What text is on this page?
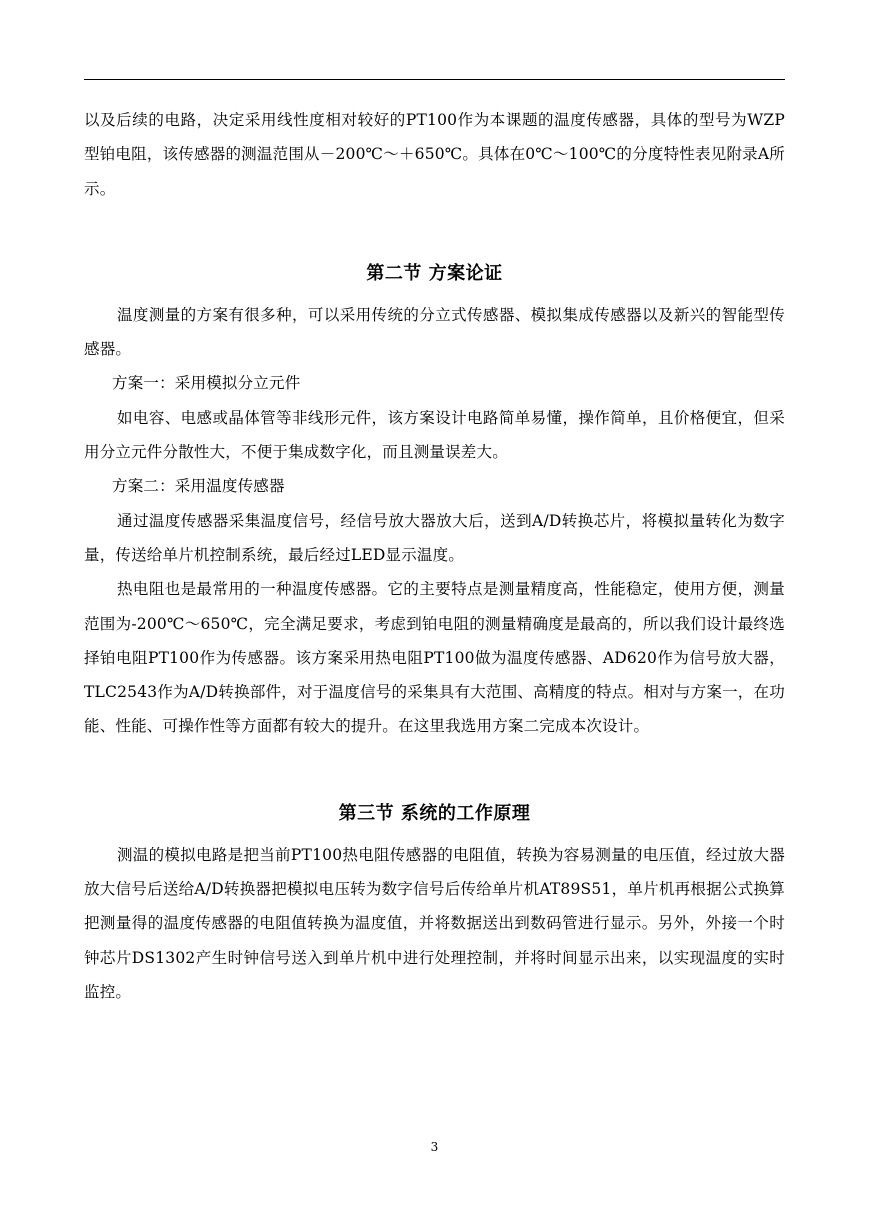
以及后续的电路，决定采用线性度相对较好的PT100作为本课题的温度传感器，具体的型号为WZP型铂电阻，该传感器的测温范围从－200℃～＋650℃。具体在0℃～100℃的分度特性表见附录A所示。

第二节 方案论证

温度测量的方案有很多种，可以采用传统的分立式传感器、模拟集成传感器以及新兴的智能型传感器。

方案一：采用模拟分立元件

如电容、电感或晶体管等非线形元件，该方案设计电路简单易懂，操作简单，且价格便宜，但采用分立元件分散性大，不便于集成数字化，而且测量误差大。

方案二：采用温度传感器

通过温度传感器采集温度信号，经信号放大器放大后，送到A/D转换芯片，将模拟量转化为数字量，传送给单片机控制系统，最后经过LED显示温度。

热电阻也是最常用的一种温度传感器。它的主要特点是测量精度高，性能稳定，使用方便，测量范围为-200℃～650℃，完全满足要求，考虑到铂电阻的测量精确度是最高的，所以我们设计最终选择铂电阻PT100作为传感器。该方案采用热电阻PT100做为温度传感器、AD620作为信号放大器，TLC2543作为A/D转换部件，对于温度信号的采集具有大范围、高精度的特点。相对与方案一，在功能、性能、可操作性等方面都有较大的提升。在这里我选用方案二完成本次设计。

第三节 系统的工作原理

测温的模拟电路是把当前PT100热电阻传感器的电阻值，转换为容易测量的电压值，经过放大器放大信号后送给A/D转换器把模拟电压转为数字信号后传给单片机AT89S51，单片机再根据公式换算把测量得的温度传感器的电阻值转换为温度值，并将数据送出到数码管进行显示。另外，外接一个时钟芯片DS1302产生时钟信号送入到单片机中进行处理控制，并将时间显示出来，以实现温度的实时监控。

3
